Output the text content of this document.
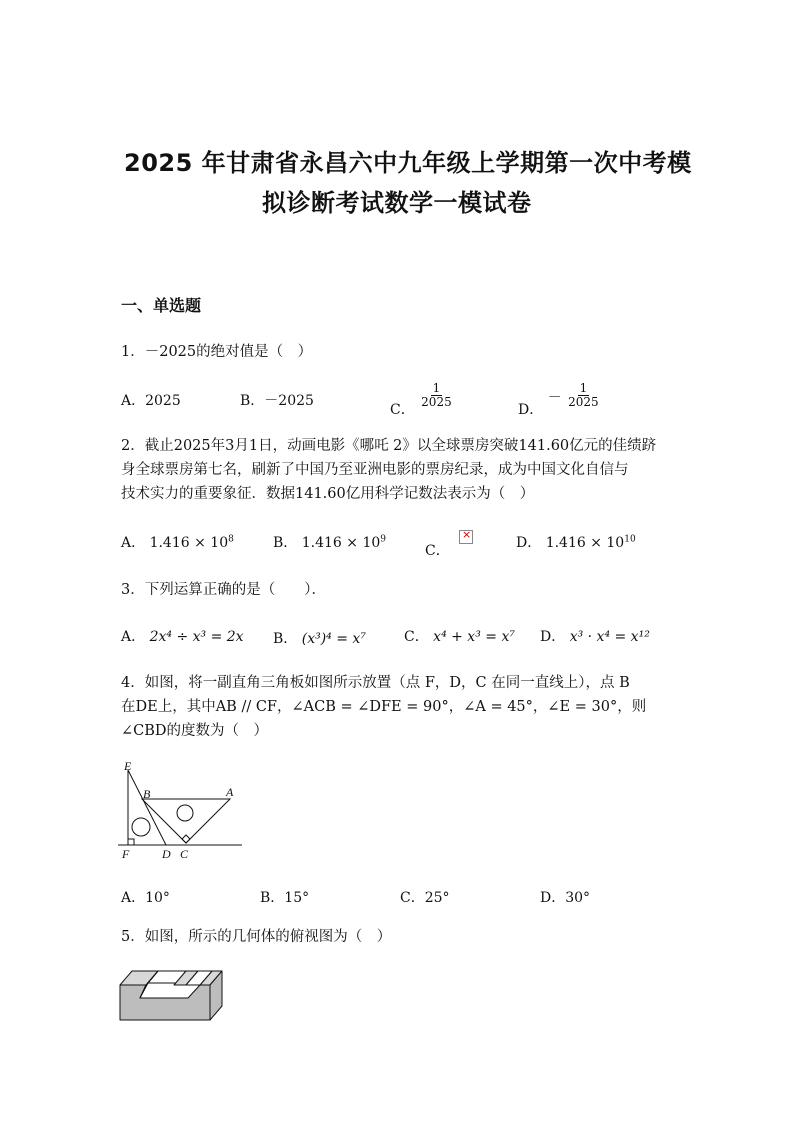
2025 年甘肃省永昌六中九年级上学期第一次中考模
拟诊断考试数学一模试卷
一、单选题
1．－2025的绝对值是（　）
A．2025	B．－2025
C．
$\frac{1}{2025}$
D． － $\frac{1}{2025}$
2．截止2025年3月1日，动画电影《哪吒 2》以全球票房突破141.60亿元的佳绩跻
身全球票房第七名，刷新了中国乃至亚洲电影的票房纪录，成为中国文化自信与
技术实力的重要象征．数据141.60亿用科学记数法表示为（　）
A． $1.416 \times 10^8$	B． $1.416 \times 10^9$
C．
×	D． $1.416 \times 10^{10}$
3．下列运算正确的是（　　）．
A． 2x⁴ ÷ x³ = 2x B． (x³)⁴ = x⁷	C． x⁴ + x³ = x⁷ D． x³ · x⁴ = x¹²
4．如图，将一副直角三角板如图所示放置（点 F，D，C 在同一直线上），点 B
在DE上，其中AB // CF，∠ACB = ∠DFE = 90°，∠A = 45°，∠E = 30°，则
∠CBD的度数为（　）
E
B	A
F	D C
A．10°	B．15°	C．25°	D．30°
5．如图，所示的几何体的俯视图为（　）
